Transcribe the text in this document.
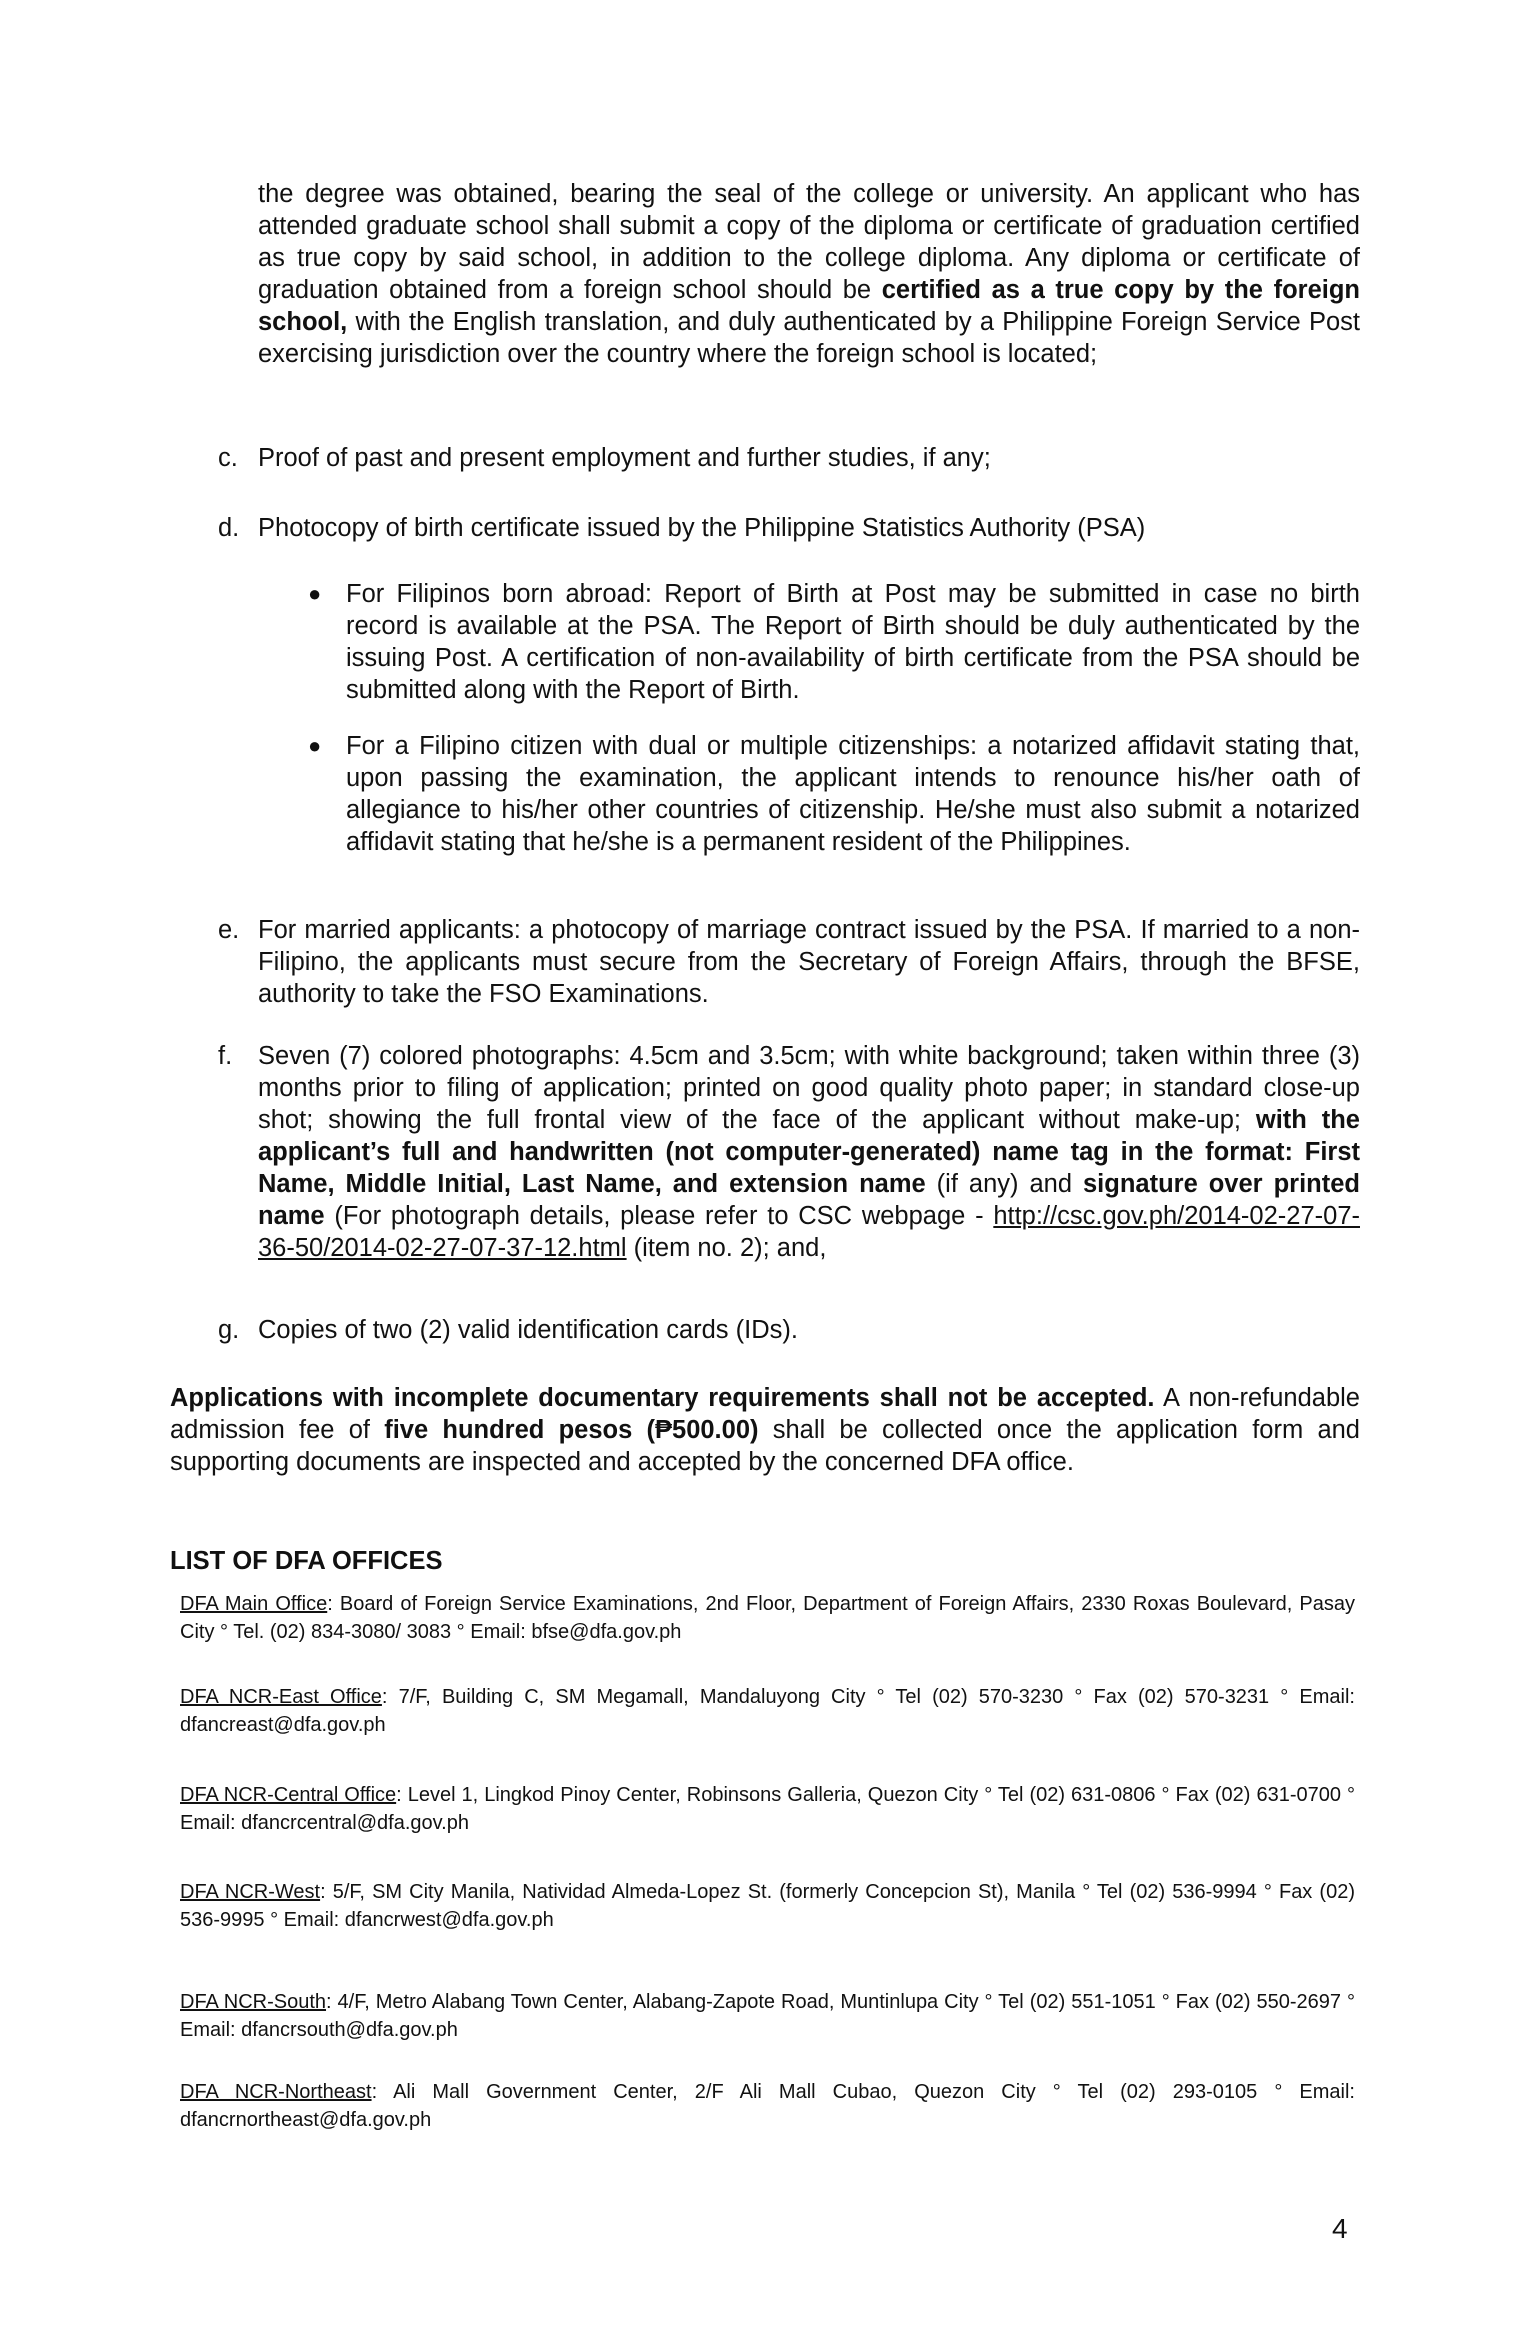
the degree was obtained, bearing the seal of the college or university. An applicant who has attended graduate school shall submit a copy of the diploma or certificate of graduation certified as true copy by said school, in addition to the college diploma. Any diploma or certificate of graduation obtained from a foreign school should be certified as a true copy by the foreign school, with the English translation, and duly authenticated by a Philippine Foreign Service Post exercising jurisdiction over the country where the foreign school is located;
c. Proof of past and present employment and further studies, if any;
d. Photocopy of birth certificate issued by the Philippine Statistics Authority (PSA)
● For Filipinos born abroad: Report of Birth at Post may be submitted in case no birth record is available at the PSA. The Report of Birth should be duly authenticated by the issuing Post. A certification of non-availability of birth certificate from the PSA should be submitted along with the Report of Birth.
● For a Filipino citizen with dual or multiple citizenships: a notarized affidavit stating that, upon passing the examination, the applicant intends to renounce his/her oath of allegiance to his/her other countries of citizenship. He/she must also submit a notarized affidavit stating that he/she is a permanent resident of the Philippines.
e. For married applicants: a photocopy of marriage contract issued by the PSA. If married to a non-Filipino, the applicants must secure from the Secretary of Foreign Affairs, through the BFSE, authority to take the FSO Examinations.
f. Seven (7) colored photographs: 4.5cm and 3.5cm; with white background; taken within three (3) months prior to filing of application; printed on good quality photo paper; in standard close-up shot; showing the full frontal view of the face of the applicant without make-up; with the applicant’s full and handwritten (not computer-generated) name tag in the format: First Name, Middle Initial, Last Name, and extension name (if any) and signature over printed name (For photograph details, please refer to CSC webpage - http://csc.gov.ph/2014-02-27-07-36-50/2014-02-27-07-37-12.html (item no. 2); and,
g. Copies of two (2) valid identification cards (IDs).
Applications with incomplete documentary requirements shall not be accepted. A non-refundable admission fee of five hundred pesos (₱500.00) shall be collected once the application form and supporting documents are inspected and accepted by the concerned DFA office.
LIST OF DFA OFFICES
DFA Main Office: Board of Foreign Service Examinations, 2nd Floor, Department of Foreign Affairs, 2330 Roxas Boulevard, Pasay City ° Tel. (02) 834-3080/ 3083 ° Email: bfse@dfa.gov.ph
DFA NCR-East Office: 7/F, Building C, SM Megamall, Mandaluyong City ° Tel (02) 570-3230 ° Fax (02) 570-3231 ° Email: dfancreast@dfa.gov.ph
DFA NCR-Central Office: Level 1, Lingkod Pinoy Center, Robinsons Galleria, Quezon City ° Tel (02) 631-0806 ° Fax (02) 631-0700 ° Email: dfancrcentral@dfa.gov.ph
DFA NCR-West: 5/F, SM City Manila, Natividad Almeda-Lopez St. (formerly Concepcion St), Manila ° Tel (02) 536-9994 ° Fax (02) 536-9995 ° Email: dfancrwest@dfa.gov.ph
DFA NCR-South: 4/F, Metro Alabang Town Center, Alabang-Zapote Road, Muntinlupa City ° Tel (02) 551-1051 ° Fax (02) 550-2697 ° Email: dfancrsouth@dfa.gov.ph
DFA NCR-Northeast: Ali Mall Government Center, 2/F Ali Mall Cubao, Quezon City ° Tel (02) 293-0105 ° Email: dfancrnortheast@dfa.gov.ph
4
